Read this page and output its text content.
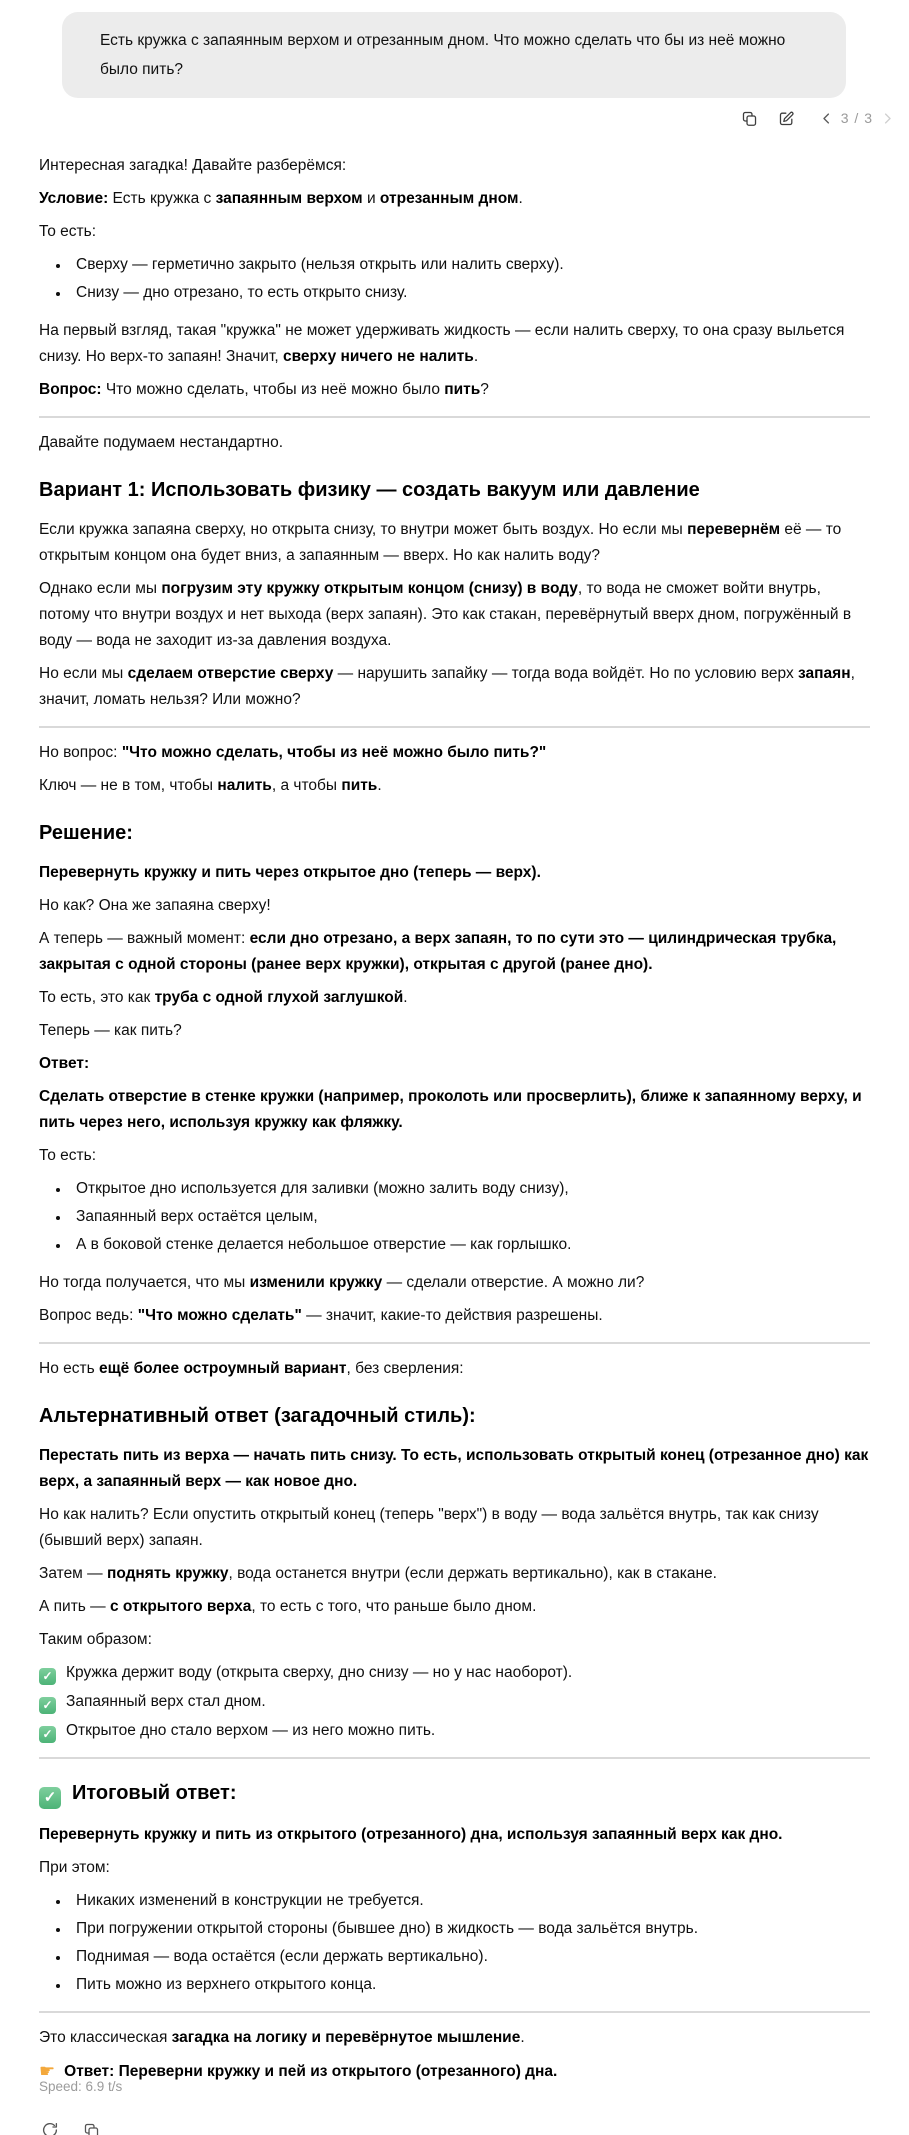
Есть кружка с запаянным верхом и отрезанным дном. Что можно сделать что бы из неё можно было пить?
3 / 3

Интересная загадка! Давайте разберёмся:

Условие: Есть кружка с запаянным верхом и отрезанным дном.

То есть:

• Сверху — герметично закрыто (нельзя открыть или налить сверху).
• Снизу — дно отрезано, то есть открыто снизу.

На первый взгляд, такая "кружка" не может удерживать жидкость — если налить сверху, то она сразу выльется снизу. Но верх-то запаян! Значит, сверху ничего не налить.

Вопрос: Что можно сделать, чтобы из неё можно было пить?

Давайте подумаем нестандартно.

Вариант 1: Использовать физику — создать вакуум или давление

Если кружка запаяна сверху, но открыта снизу, то внутри может быть воздух. Но если мы перевернём её — то открытым концом она будет вниз, а запаянным — вверх. Но как налить воду?

Однако если мы погрузим эту кружку открытым концом (снизу) в воду, то вода не сможет войти внутрь, потому что внутри воздух и нет выхода (верх запаян). Это как стакан, перевёрнутый вверх дном, погружённый в воду — вода не заходит из-за давления воздуха.

Но если мы сделаем отверстие сверху — нарушить запайку — тогда вода войдёт. Но по условию верх запаян, значит, ломать нельзя? Или можно?

Но вопрос: "Что можно сделать, чтобы из неё можно было пить?"

Ключ — не в том, чтобы налить, а чтобы пить.

Решение:

Перевернуть кружку и пить через открытое дно (теперь — верх).

Но как? Она же запаяна сверху!

А теперь — важный момент: если дно отрезано, а верх запаян, то по сути это — цилиндрическая трубка, закрытая с одной стороны (ранее верх кружки), открытая с другой (ранее дно).

То есть, это как труба с одной глухой заглушкой.

Теперь — как пить?

Ответ:

Сделать отверстие в стенке кружки (например, проколоть или просверлить), ближе к запаянному верху, и пить через него, используя кружку как фляжку.

То есть:

• Открытое дно используется для заливки (можно залить воду снизу),
• Запаянный верх остаётся целым,
• А в боковой стенке делается небольшое отверстие — как горлышко.

Но тогда получается, что мы изменили кружку — сделали отверстие. А можно ли?

Вопрос ведь: "Что можно сделать" — значит, какие-то действия разрешены.

Но есть ещё более остроумный вариант, без сверления:

Альтернативный ответ (загадочный стиль):

Перестать пить из верха — начать пить снизу. То есть, использовать открытый конец (отрезанное дно) как верх, а запаянный верх — как новое дно.

Но как налить? Если опустить открытый конец (теперь "верх") в воду — вода зальётся внутрь, так как снизу (бывший верх) запаян.

Затем — поднять кружку, вода останется внутри (если держать вертикально), как в стакане.

А пить — с открытого верха, то есть с того, что раньше было дном.

Таким образом:

✓ Кружка держит воду (открыта сверху, дно снизу — но у нас наоборот).

✓ Запаянный верх стал дном.

✓ Открытое дно стало верхом — из него можно пить.

✓ Итоговый ответ:

Перевернуть кружку и пить из открытого (отрезанного) дна, используя запаянный верх как дно.

При этом:

• Никаких изменений в конструкции не требуется.
• При погружении открытой стороны (бывшее дно) в жидкость — вода зальётся внутрь.
• Поднимая — вода остаётся (если держать вертикально).
• Пить можно из верхнего открытого конца.

Это классическая загадка на логику и перевёрнутое мышление.

☛ Ответ: Переверни кружку и пей из открытого (отрезанного) дна.

Speed: 6.9 t/s
